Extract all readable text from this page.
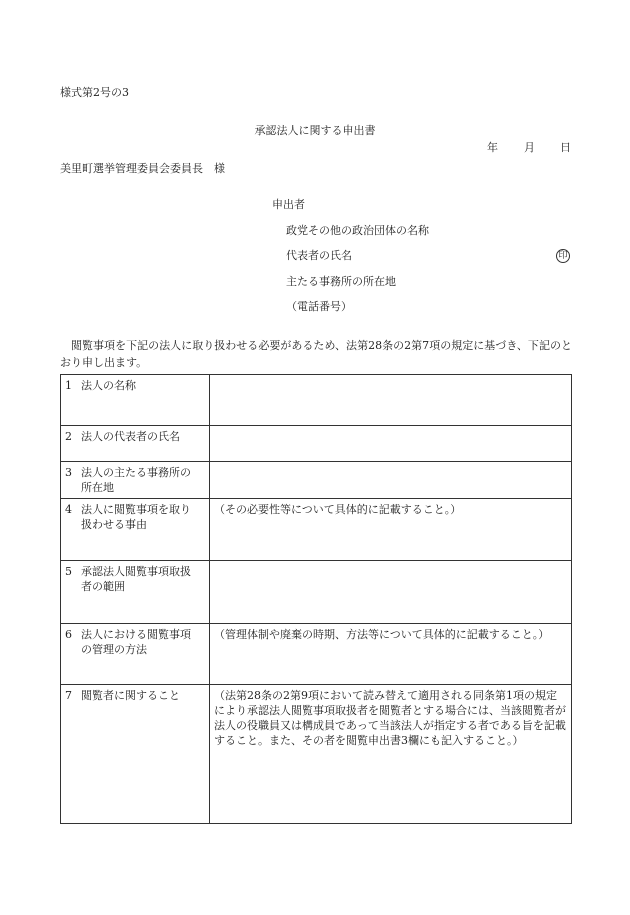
様式第2号の3
承認法人に関する申出書
年 月 日
美里町選挙管理委員会委員長　様
申出者
政党その他の政治団体の名称
代表者の氏名	印
主たる事務所の所在地
（電話番号）
閲覧事項を下記の法人に取り扱わせる必要があるため、法第28条の2第7項の規定に基づき、下記のとおり申し出ます。
1 法人の名称	
2 法人の代表者の氏名	
3 法人の主たる事務所の所在地	
4 法人に閲覧事項を取り扱わせる事由	（その必要性等について具体的に記載すること。）
5 承認法人閲覧事項取扱者の範囲	
6 法人における閲覧事項の管理の方法	（管理体制や廃棄の時期、方法等について具体的に記載すること。）
7 閲覧者に関すること	（法第28条の2第9項において読み替えて適用される同条第1項の規定により承認法人閲覧事項取扱者を閲覧者とする場合には、当該閲覧者が法人の役職員又は構成員であって当該法人が指定する者である旨を記載すること。また、その者を閲覧申出書3欄にも記入すること。）
